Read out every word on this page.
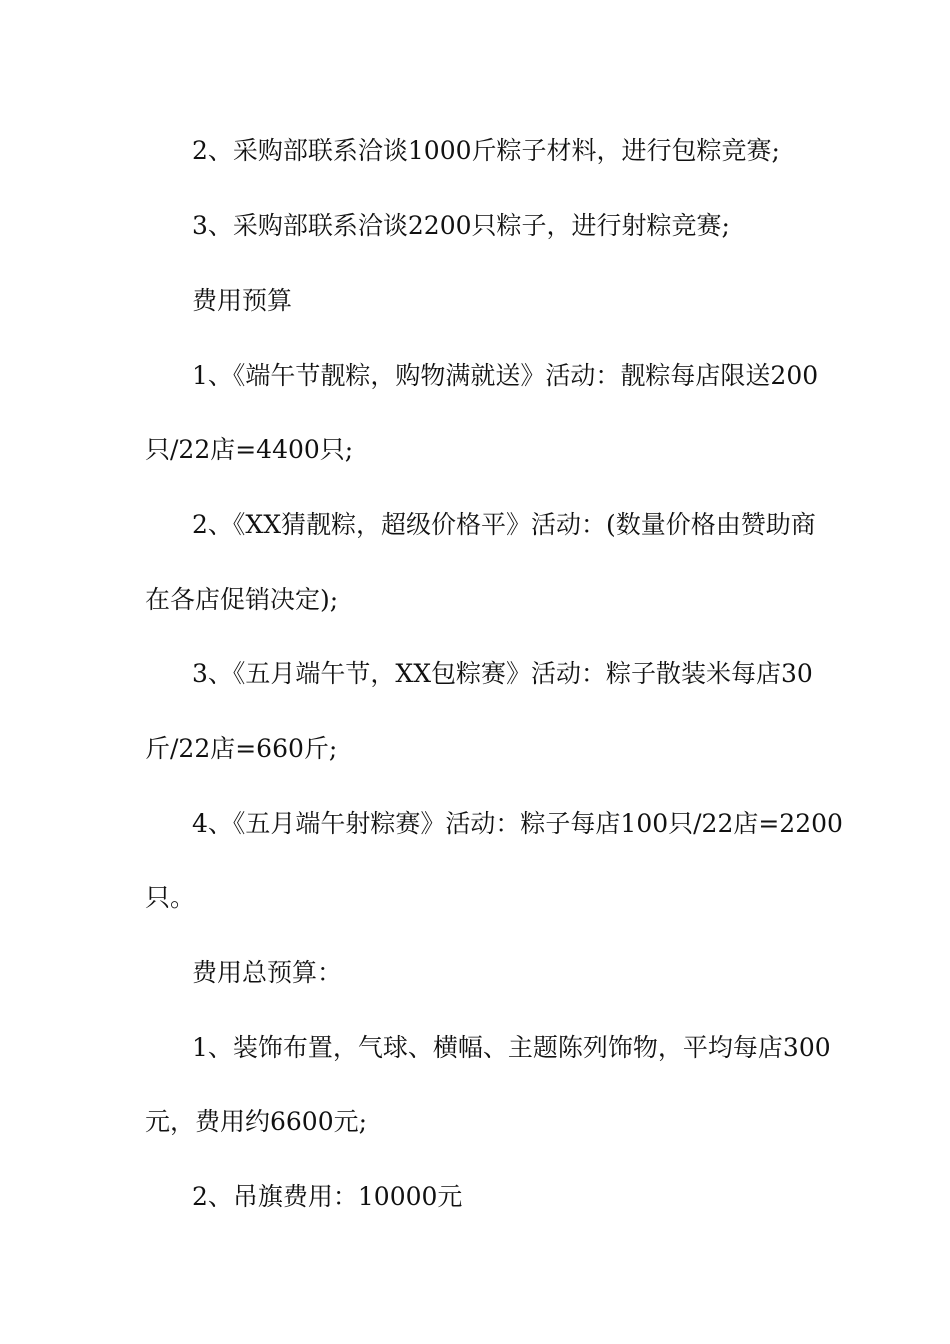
2、采购部联系洽谈1000斤粽子材料，进行包粽竞赛;
3、采购部联系洽谈2200只粽子，进行射粽竞赛;
费用预算
1、《端午节靓粽，购物满就送》活动：靓粽每店限送200
只/22店=4400只;
2、《XX猜靓粽，超级价格平》活动：(数量价格由赞助商
在各店促销决定);
3、《五月端午节，XX包粽赛》活动：粽子散装米每店30
斤/22店=660斤;
4、《五月端午射粽赛》活动：粽子每店100只/22店=2200
只。
费用总预算：
1、装饰布置，气球、横幅、主题陈列饰物，平均每店300
元，费用约6600元;
2、吊旗费用：10000元
